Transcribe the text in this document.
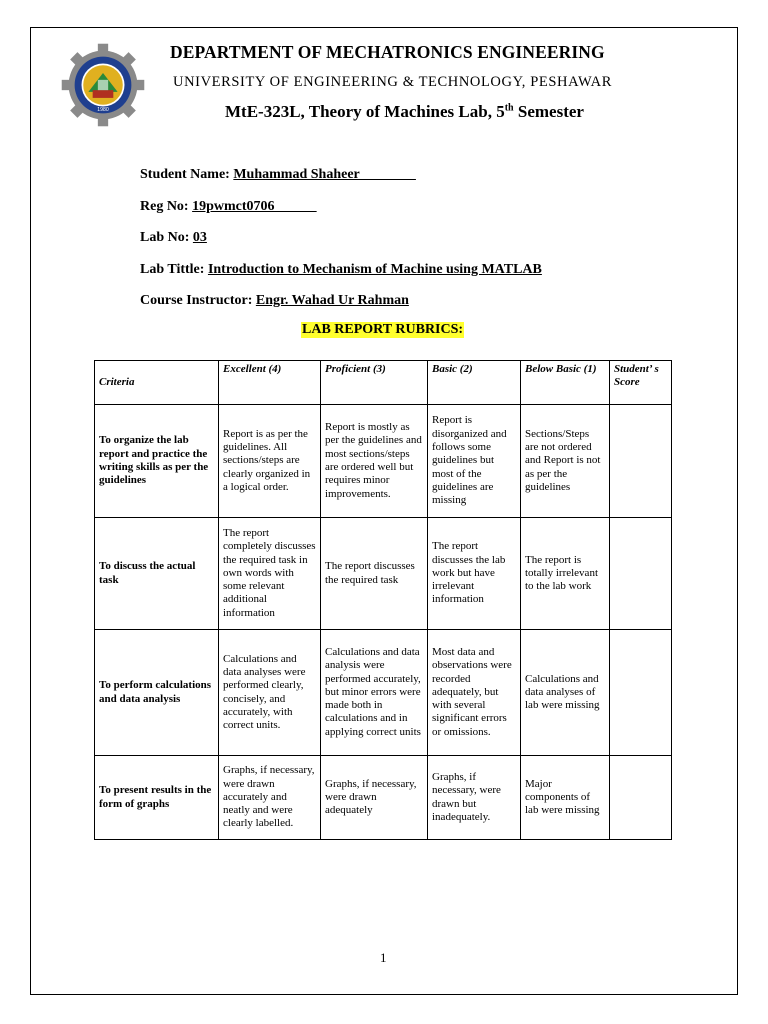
1980
DEPARTMENT OF MECHATRONICS ENGINEERING
UNIVERSITY OF ENGINEERING & TECHNOLOGY, PESHAWAR
MtE-323L, Theory of Machines Lab, 5th Semester
Student Name: Muhammad Shaheer________
Reg No: 19pwmct0706______
Lab No: 03
Lab Tittle: Introduction to Mechanism of Machine using MATLAB
Course Instructor: Engr. Wahad Ur Rahman
LAB REPORT RUBRICS:
Criteria	Excellent (4)	Proficient (3)	Basic (2)	Below Basic (1)	Student’ s Score
To organize the lab report and practice the writing skills as per the guidelines	Report is as per the guidelines. All sections/steps are clearly organized in a logical order.	Report is mostly as per the guidelines and most sections/steps are ordered well but requires minor improvements.	Report is disorganized and follows some guidelines but most of the guidelines are missing	Sections/Steps are not ordered and Report is not as per the guidelines	
To discuss the actual task	The report completely discusses the required task in own words with some relevant additional information	The report discusses the required task	The report discusses the lab work but have irrelevant information	The report is totally irrelevant to the lab work	
To perform calculations and data analysis	Calculations and data analyses were performed clearly, concisely, and accurately, with correct units.	Calculations and data analysis were performed accurately, but minor errors were made both in calculations and in applying correct units	Most data and observations were recorded adequately, but with several significant errors or omissions.	Calculations and data analyses of lab were missing	
To present results in the form of graphs	Graphs, if necessary, were drawn accurately and neatly and were clearly labelled.	Graphs, if necessary, were drawn adequately	Graphs, if necessary, were drawn but inadequately.	Major components of lab were missing	
1
